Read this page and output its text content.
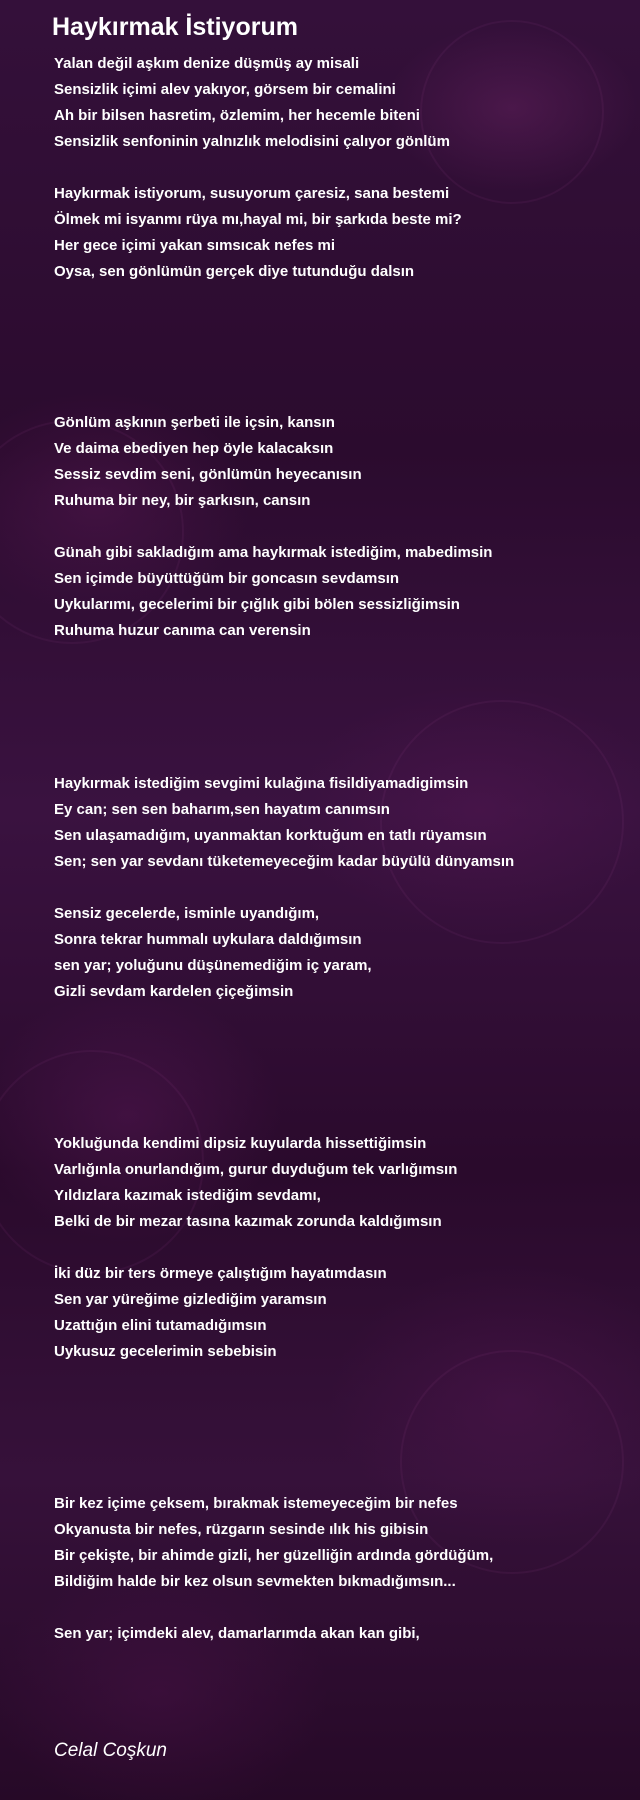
Haykırmak İstiyorum
Yalan değil aşkım denize düşmüş ay misali
Sensizlik içimi alev yakıyor, görsem bir cemalini
Ah bir bilsen hasretim, özlemim, her hecemle biteni
Sensizlik senfoninin yalnızlık melodisini çalıyor gönlüm
Haykırmak istiyorum, susuyorum çaresiz, sana bestemi
Ölmek mi isyanmı rüya mı,hayal mi, bir şarkıda beste mi?
Her gece içimi yakan sımsıcak nefes mi
Oysa, sen gönlümün gerçek diye tutunduğu dalsın
Gönlüm aşkının şerbeti ile içsin, kansın
Ve daima ebediyen hep öyle kalacaksın
Sessiz sevdim seni, gönlümün heyecanısın
Ruhuma bir ney, bir şarkısın, cansın
Günah gibi sakladığım ama haykırmak istediğim, mabedimsin
Sen içimde büyüttüğüm bir goncasın sevdamsın
Uykularımı, gecelerimi bir çığlık gibi bölen sessizliğimsin
Ruhuma huzur canıma can verensin
Haykırmak istediğim sevgimi kulağına fisildiyamadigimsin
Ey can; sen sen baharım,sen hayatım canımsın
Sen ulaşamadığım, uyanmaktan korktuğum en tatlı rüyamsın
Sen; sen yar sevdanı tüketemeyeceğim kadar büyülü dünyamsın
Sensiz gecelerde, isminle uyandığım,
Sonra tekrar hummalı uykulara daldığımsın
sen yar; yoluğunu düşünemediğim iç yaram,
Gizli sevdam kardelen çiçeğimsin
Yokluğunda kendimi dipsiz kuyularda hissettiğimsin
Varlığınla onurlandığım, gurur duyduğum tek varlığımsın
Yıldızlara kazımak istediğim sevdamı,
Belki de bir mezar tasına kazımak zorunda kaldığımsın
İki düz bir ters örmeye çalıştığım hayatımdasın
Sen yar yüreğime gizlediğim yaramsın
Uzattığın elini tutamadığımsın
Uykusuz gecelerimin sebebisin
Bir kez içime çeksem, bırakmak istemeyeceğim bir nefes
Okyanusta bir nefes, rüzgarın sesinde ılık his gibisin
Bir çekişte, bir ahimde gizli, her güzelliğin ardında gördüğüm,
Bildiğim halde bir kez olsun sevmekten bıkmadığımsın...
Sen yar; içimdeki alev, damarlarımda akan kan gibi,
Celal Coşkun
